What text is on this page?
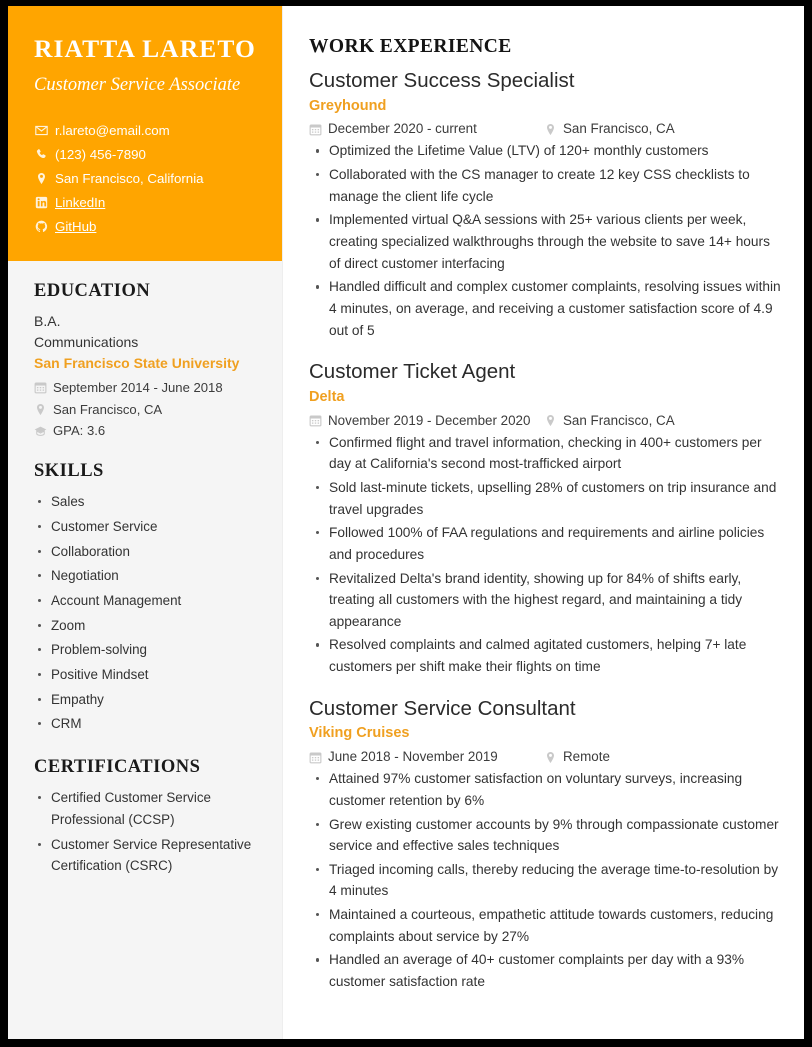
RIATTA LARETO
Customer Service Associate
r.lareto@email.com
(123) 456-7890
San Francisco, California
LinkedIn
GitHub
EDUCATION
B.A.
Communications
San Francisco State University
September 2014 - June 2018
San Francisco, CA
GPA: 3.6
SKILLS
Sales
Customer Service
Collaboration
Negotiation
Account Management
Zoom
Problem-solving
Positive Mindset
Empathy
CRM
CERTIFICATIONS
Certified Customer Service Professional (CCSP)
Customer Service Representative Certification (CSRC)
WORK EXPERIENCE
Customer Success Specialist
Greyhound
December 2020 - current	San Francisco, CA
Optimized the Lifetime Value (LTV) of 120+ monthly customers
Collaborated with the CS manager to create 12 key CSS checklists to manage the client life cycle
Implemented virtual Q&A sessions with 25+ various clients per week, creating specialized walkthroughs through the website to save 14+ hours of direct customer interfacing
Handled difficult and complex customer complaints, resolving issues within 4 minutes, on average, and receiving a customer satisfaction score of 4.9 out of 5
Customer Ticket Agent
Delta
November 2019 - December 2020 San Francisco, CA
Confirmed flight and travel information, checking in 400+ customers per day at California's second most-trafficked airport
Sold last-minute tickets, upselling 28% of customers on trip insurance and travel upgrades
Followed 100% of FAA regulations and requirements and airline policies and procedures
Revitalized Delta's brand identity, showing up for 84% of shifts early, treating all customers with the highest regard, and maintaining a tidy appearance
Resolved complaints and calmed agitated customers, helping 7+ late customers per shift make their flights on time
Customer Service Consultant
Viking Cruises
June 2018 - November 2019	Remote
Attained 97% customer satisfaction on voluntary surveys, increasing customer retention by 6%
Grew existing customer accounts by 9% through compassionate customer service and effective sales techniques
Triaged incoming calls, thereby reducing the average time-to-resolution by 4 minutes
Maintained a courteous, empathetic attitude towards customers, reducing complaints about service by 27%
Handled an average of 40+ customer complaints per day with a 93% customer satisfaction rate
